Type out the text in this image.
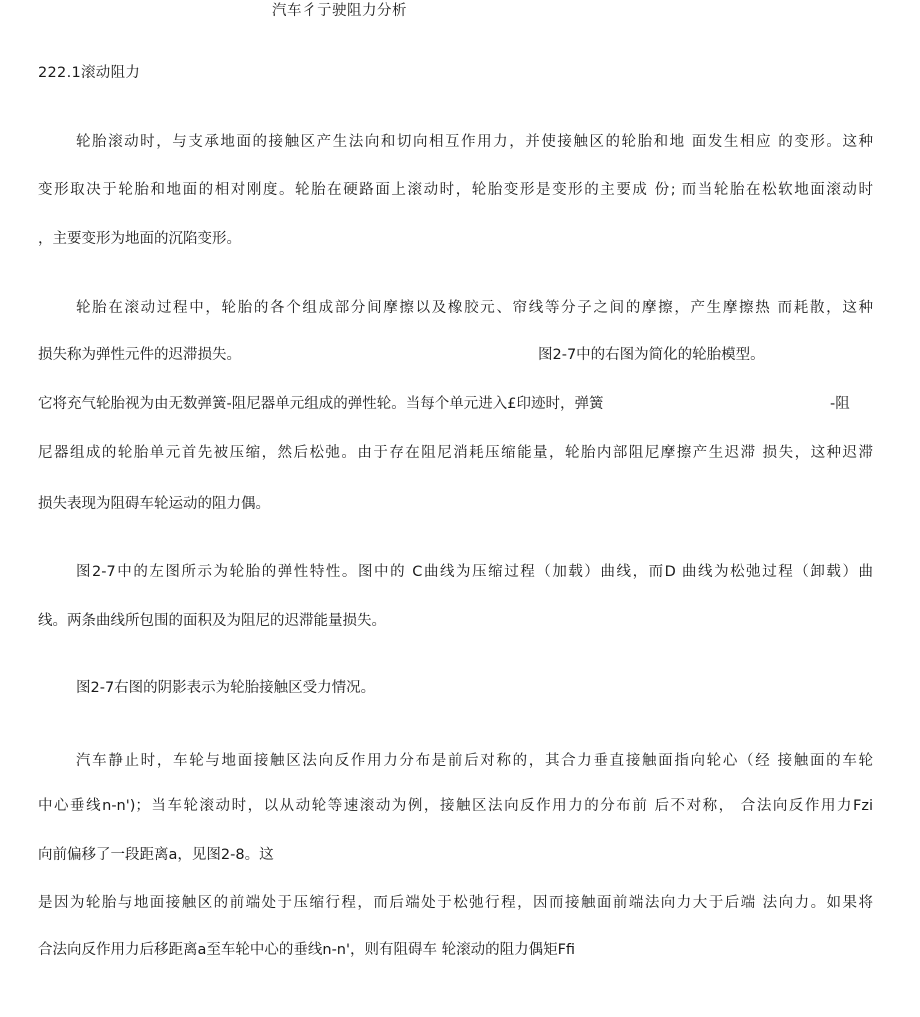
汽车彳亍驶阻力分析
222.1滚动阻力
轮胎滚动时，与支承地面的接触区产生法向和切向相互作用力，并使接触区的轮胎和地 面发生相应 的变形。这种
变形取决于轮胎和地面的相对刚度。轮胎在硬路面上滚动时，轮胎变形是变形的主要成 份; 而当轮胎在松软地面滚动时
，主要变形为地面的沉陷变形。
轮胎在滚动过程中，轮胎的各个组成部分间摩擦以及橡胶元、帘线等分子之间的摩擦，产生摩擦热 而耗散，这种
损失称为弹性元件的迟滞损失。	图2-7中的右图为简化的轮胎模型。
它将充气轮胎视为由无数弹簧-阻尼器单元组成的弹性轮。当每个单元进入£印迹时，弹簧	-阻
尼器组成的轮胎单元首先被压缩，然后松弛。由于存在阻尼消耗压缩能量，轮胎内部阻尼摩擦产生迟滞 损失，这种迟滞
损失表现为阻碍车轮运动的阻力偶。
图2-7中的左图所示为轮胎的弹性特性。图中的 C曲线为压缩过程（加载）曲线，而D 曲线为松弛过程（卸载）曲
线。两条曲线所包围的面积及为阻尼的迟滞能量损失。
图2-7右图的阴影表示为轮胎接触区受力情况。
汽车静止时，车轮与地面接触区法向反作用力分布是前后对称的，其合力垂直接触面指向轮心（经 接触面的车轮
中心垂线n-n')；当车轮滚动时，以从动轮等速滚动为例，接触区法向反作用力的分布前 后不对称， 合法向反作用力Fzi
向前偏移了一段距离a，见图2-8。这
是因为轮胎与地面接触区的前端处于压缩行程，而后端处于松弛行程，因而接触面前端法向力大于后端 法向力。如果将
合法向反作用力后移距离a至车轮中心的垂线n-n'，则有阻碍车 轮滚动的阻力偶矩Ffi
